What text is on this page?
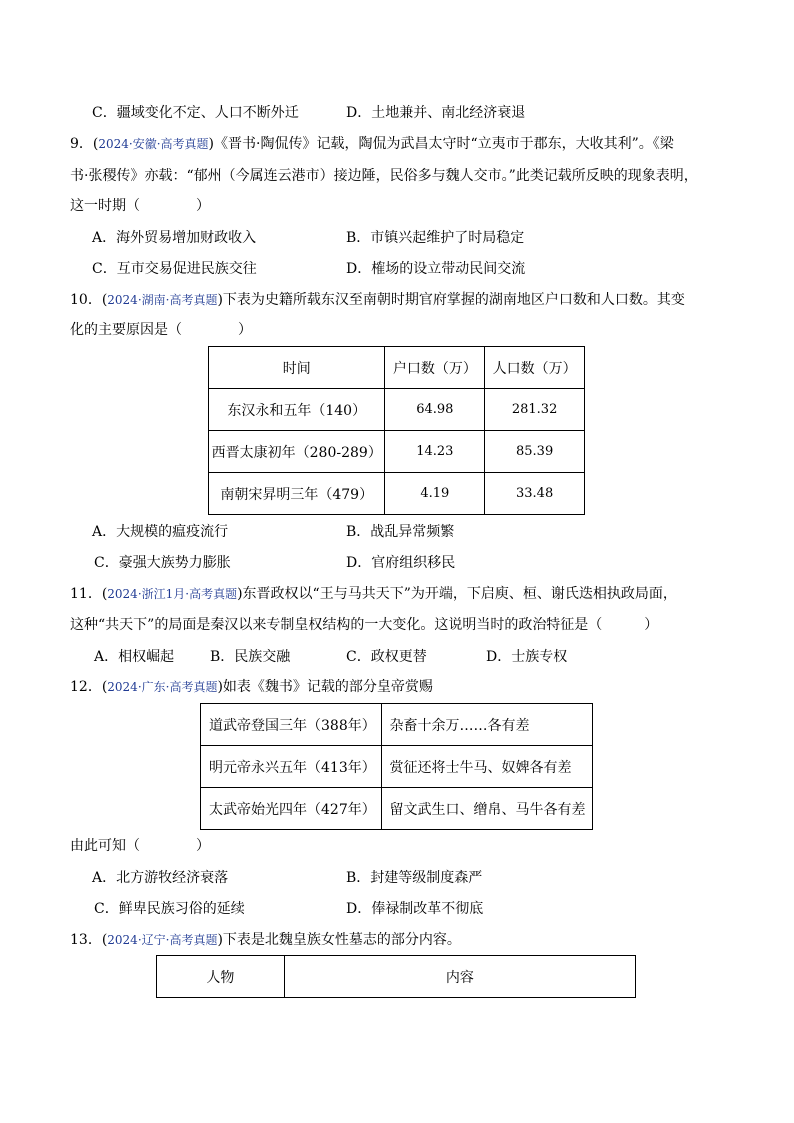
C．疆域变化不定、人口不断外迁	D．土地兼并、南北经济衰退
9．(2024·安徽·高考真题)《晋书·陶侃传》记载，陶侃为武昌太守时“立夷市于郡东，大收其利”。《梁
书·张稷传》亦载：“郁州（今属连云港市）接边陲，民俗多与魏人交市。”此类记载所反映的现象表明，
这一时期（　　　　）
A．海外贸易增加财政收入	B．市镇兴起维护了时局稳定
C．互市交易促进民族交往	D．榷场的设立带动民间交流
10．(2024·湖南·高考真题)下表为史籍所载东汉至南朝时期官府掌握的湖南地区户口数和人口数。其变
化的主要原因是（　　　　）
时间	户口数（万）	人口数（万）
东汉永和五年（140）	64.98	281.32
西晋太康初年（280-289）	14.23	85.39
南朝宋昇明三年（479）	4.19	33.48
A．大规模的瘟疫流行	B．战乱异常频繁
C．豪强大族势力膨胀	D．官府组织移民
11．(2024·浙江1月·高考真题)东晋政权以“王与马共天下”为开端，下启庾、桓、谢氏迭相执政局面，
这种“共天下”的局面是秦汉以来专制皇权结构的一大变化。这说明当时的政治特征是（　　　）
A．相权崛起	B．民族交融	C．政权更替	D．士族专权
12．(2024·广东·高考真题)如表《魏书》记载的部分皇帝赏赐
道武帝登国三年（388年）	杂畜十余万……各有差
明元帝永兴五年（413年）	赏征还将士牛马、奴婢各有差
太武帝始光四年（427年）	留文武生口、缯帛、马牛各有差
由此可知（　　　　）
A．北方游牧经济衰落	B．封建等级制度森严
C．鲜卑民族习俗的延续	D．俸禄制改革不彻底
13．(2024·辽宁·高考真题)下表是北魏皇族女性墓志的部分内容。
人物	内容
